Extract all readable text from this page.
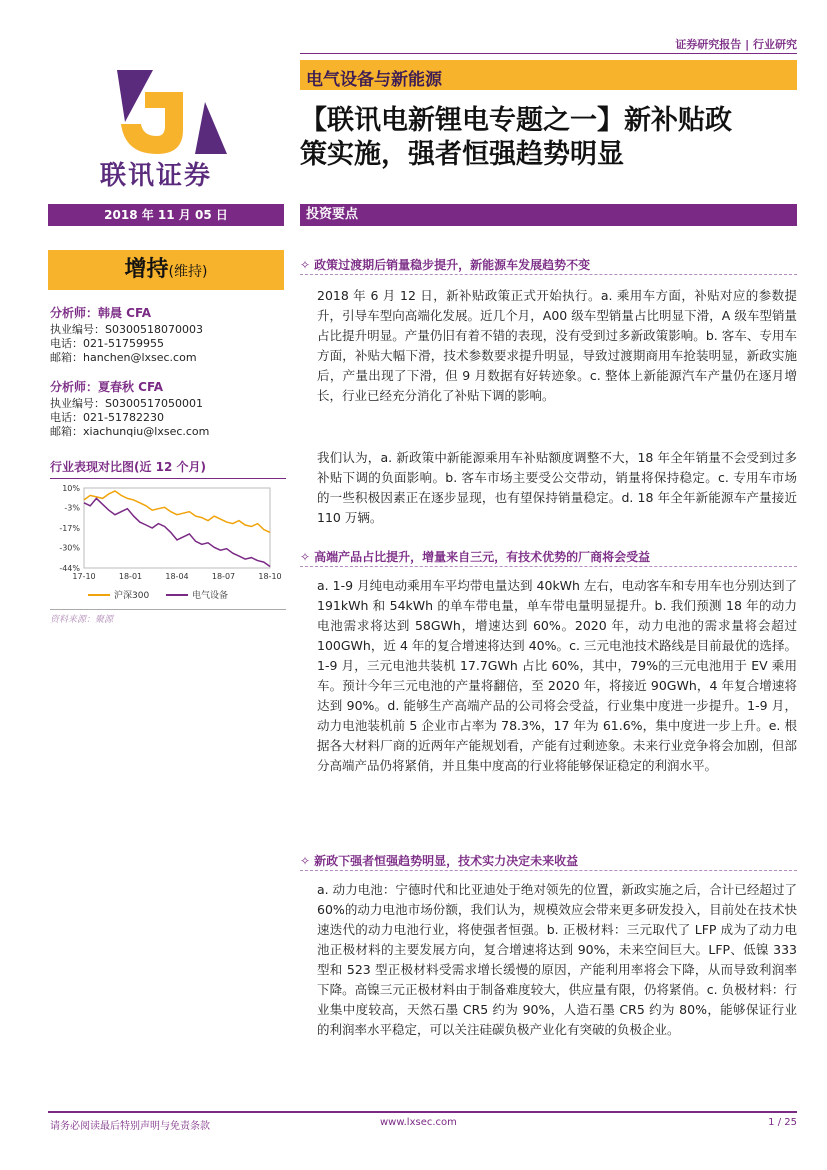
证券研究报告 | 行业研究
联讯证券
电气设备与新能源
【联讯电新锂电专题之一】新补贴政
策实施，强者恒强趋势明显
2018 年 11 月 05 日	投资要点
增持(维持)
分析师：韩晨 CFA
执业编号：S0300518070003
电话：021-51759955
邮箱：hanchen@lxsec.com
分析师：夏春秋 CFA
执业编号：S0300517050001
电话：021-51782230
邮箱：xiachunqiu@lxsec.com
行业表现对比图(近 12 个月)
10%
-3%
-17%
-30%
-44%
17-10	18-01	18-04	18-07	18-10
沪深300	电气设备
资料来源：聚源
✧ 政策过渡期后销量稳步提升，新能源车发展趋势不变
2018 年 6 月 12 日，新补贴政策正式开始执行。a. 乘用车方面，补贴对应的参数提升，引导车型向高端化发展。近几个月，A00 级车型销量占比明显下滑，A 级车型销量占比提升明显。产量仍旧有着不错的表现，没有受到过多新政策影响。b. 客车、专用车方面，补贴大幅下滑，技术参数要求提升明显，导致过渡期商用车抢装明显，新政实施后，产量出现了下滑，但 9 月数据有好转迹象。c. 整体上新能源汽车产量仍在逐月增长，行业已经充分消化了补贴下调的影响。
我们认为，a. 新政策中新能源乘用车补贴额度调整不大，18 年全年销量不会受到过多补贴下调的负面影响。b. 客车市场主要受公交带动，销量将保持稳定。c. 专用车市场的一些积极因素正在逐步显现，也有望保持销量稳定。d. 18 年全年新能源车产量接近 110 万辆。
✧ 高端产品占比提升，增量来自三元，有技术优势的厂商将会受益
a. 1-9 月纯电动乘用车平均带电量达到 40kWh 左右，电动客车和专用车也分别达到了 191kWh 和 54kWh 的单车带电量，单车带电量明显提升。b. 我们预测 18 年的动力电池需求将达到 58GWh，增速达到 60%。2020 年，动力电池的需求量将会超过 100GWh，近 4 年的复合增速将达到 40%。c. 三元电池技术路线是目前最优的选择。1-9 月，三元电池共装机 17.7GWh 占比 60%，其中，79%的三元电池用于 EV 乘用车。预计今年三元电池的产量将翻倍，至 2020 年，将接近 90GWh，4 年复合增速将达到 90%。d. 能够生产高端产品的公司将会受益，行业集中度进一步提升。1-9 月，动力电池装机前 5 企业市占率为 78.3%，17 年为 61.6%，集中度进一步上升。e. 根据各大材料厂商的近两年产能规划看，产能有过剩迹象。未来行业竞争将会加剧，但部分高端产品仍将紧俏，并且集中度高的行业将能够保证稳定的利润水平。
✧ 新政下强者恒强趋势明显，技术实力决定未来收益
a. 动力电池：宁德时代和比亚迪处于绝对领先的位置，新政实施之后，合计已经超过了 60%的动力电池市场份额，我们认为，规模效应会带来更多研发投入，目前处在技术快速迭代的动力电池行业，将使强者恒强。b. 正极材料：三元取代了 LFP 成为了动力电池正极材料的主要发展方向，复合增速将达到 90%，未来空间巨大。LFP、低镍 333 型和 523 型正极材料受需求增长缓慢的原因，产能利用率将会下降，从而导致利润率下降。高镍三元正极材料由于制备难度较大，供应量有限，仍将紧俏。c. 负极材料：行业集中度较高，天然石墨 CR5 约为 90%，人造石墨 CR5 约为 80%，能够保证行业的利润率水平稳定，可以关注硅碳负极产业化有突破的负极企业。
请务必阅读最后特别声明与免责条款	www.lxsec.com	1 / 25
